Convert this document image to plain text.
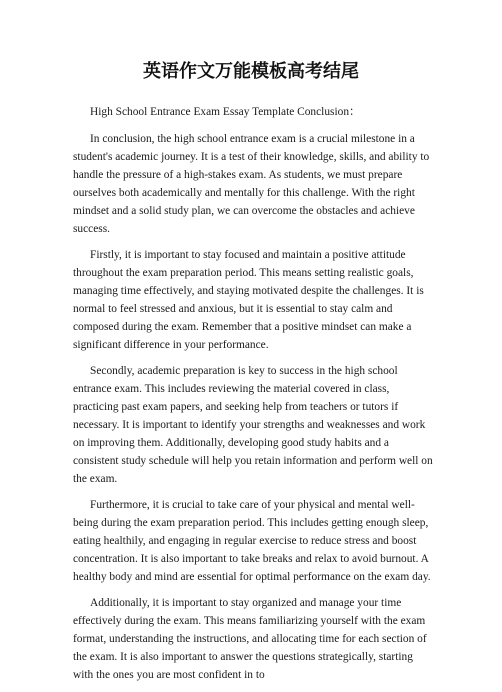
英语作文万能模板高考结尾

High School Entrance Exam Essay Template Conclusion：

In conclusion, the high school entrance exam is a crucial milestone in a student's academic journey. It is a test of their knowledge, skills, and ability to handle the pressure of a high-stakes exam. As students, we must prepare ourselves both academically and mentally for this challenge. With the right mindset and a solid study plan, we can overcome the obstacles and achieve success.

Firstly, it is important to stay focused and maintain a positive attitude throughout the exam preparation period. This means setting realistic goals, managing time effectively, and staying motivated despite the challenges. It is normal to feel stressed and anxious, but it is essential to stay calm and composed during the exam. Remember that a positive mindset can make a significant difference in your performance.

Secondly, academic preparation is key to success in the high school entrance exam. This includes reviewing the material covered in class, practicing past exam papers, and seeking help from teachers or tutors if necessary. It is important to identify your strengths and weaknesses and work on improving them. Additionally, developing good study habits and a consistent study schedule will help you retain information and perform well on the exam.

Furthermore, it is crucial to take care of your physical and mental well-being during the exam preparation period. This includes getting enough sleep, eating healthily, and engaging in regular exercise to reduce stress and boost concentration. It is also important to take breaks and relax to avoid burnout. A healthy body and mind are essential for optimal performance on the exam day.

Additionally, it is important to stay organized and manage your time effectively during the exam. This means familiarizing yourself with the exam format, understanding the instructions, and allocating time for each section of the exam. It is also important to answer the questions strategically, starting with the ones you are most confident in to
